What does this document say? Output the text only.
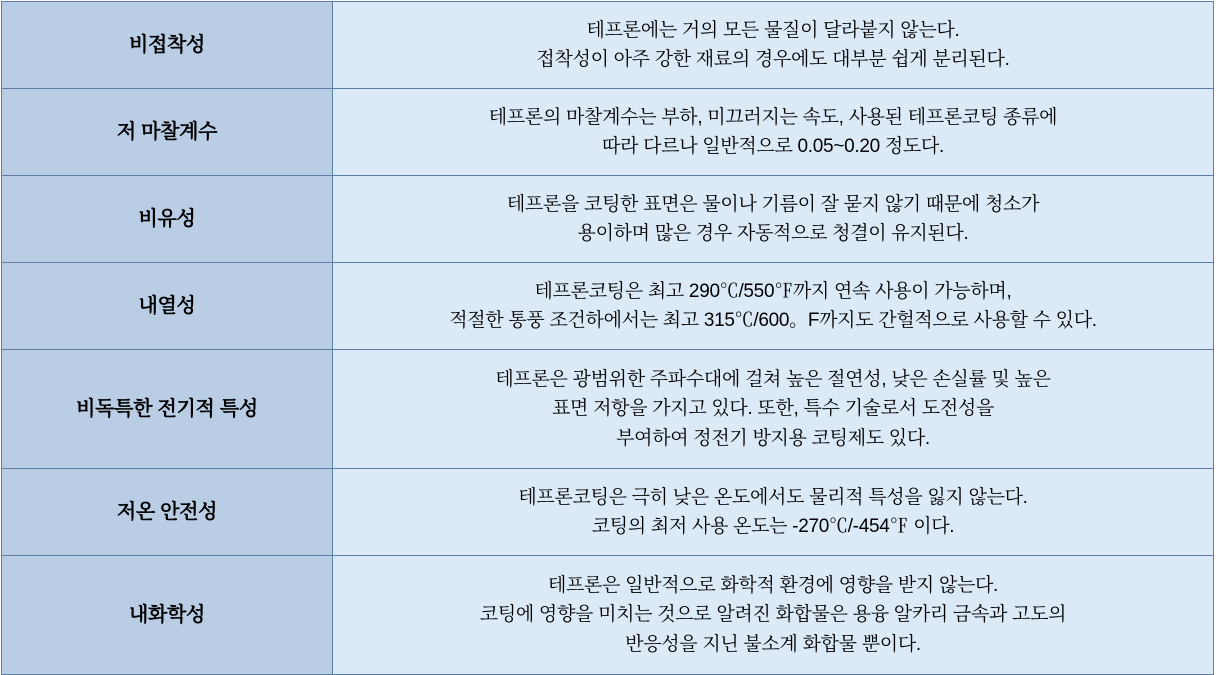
비접착성	테프론에는 거의 모든 물질이 달라붙지 않는다.
접착성이 아주 강한 재료의 경우에도 대부분 쉽게 분리된다.

저 마찰계수	테프론의 마찰계수는 부하, 미끄러지는 속도, 사용된 테프론코팅 종류에
따라 다르나 일반적으로 0.05~0.20 정도다.

비유성	테프론을 코팅한 표면은 물이나 기름이 잘 묻지 않기 때문에 청소가
용이하며 많은 경우 자동적으로 청결이 유지된다.

내열성	테프론코팅은 최고 290℃/550℉까지 연속 사용이 가능하며,
적절한 통풍 조건하에서는 최고 315℃/600。F까지도 간헐적으로 사용할 수 있다.

비독특한 전기적 특성	테프론은 광범위한 주파수대에 걸쳐 높은 절연성, 낮은 손실률 및 높은
표면 저항을 가지고 있다. 또한, 특수 기술로서 도전성을
부여하여 정전기 방지용 코팅제도 있다.

저온 안전성	테프론코팅은 극히 낮은 온도에서도 물리적 특성을 잃지 않는다.
코팅의 최저 사용 온도는 -270℃/-454℉ 이다.

내화학성	테프론은 일반적으로 화학적 환경에 영향을 받지 않는다.
코팅에 영향을 미치는 것으로 알려진 화합물은 용융 알카리 금속과 고도의
반응성을 지닌 불소계 화합물 뿐이다.
